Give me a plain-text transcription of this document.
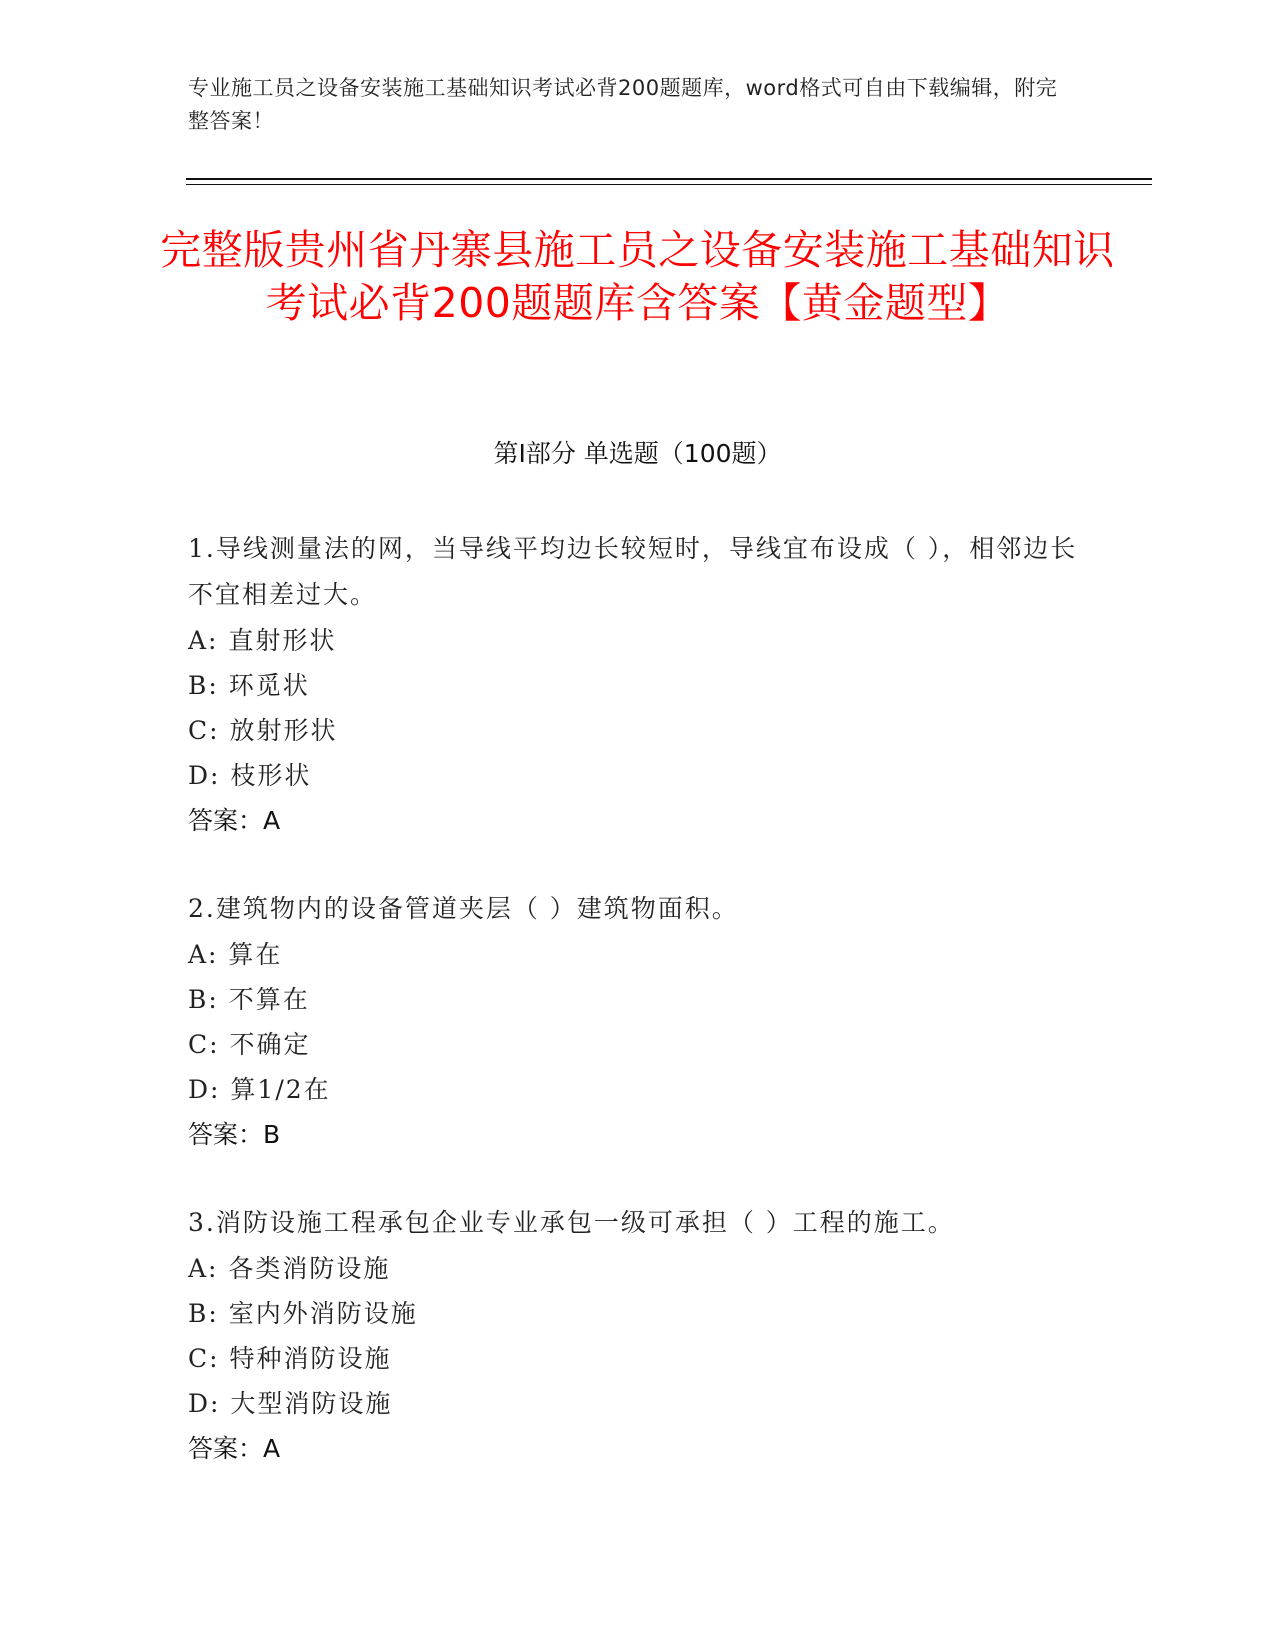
专业施工员之设备安装施工基础知识考试必背200题题库，word格式可自由下载编辑，附完整答案！
完整版贵州省丹寨县施工员之设备安装施工基础知识考试必背200题题库含答案【黄金题型】
第Ⅰ部分 单选题（100题）

1.导线测量法的网，当导线平均边长较短时，导线宜布设成（ ），相邻边长不宜相差过大。

A: 直射形状
B: 环觅状
C: 放射形状
D: 枝形状
答案：A

2.建筑物内的设备管道夹层（ ）建筑物面积。

A: 算在
B: 不算在
C: 不确定
D: 算1/2在
答案：B

3.消防设施工程承包企业专业承包一级可承担（ ）工程的施工。

A: 各类消防设施
B: 室内外消防设施
C: 特种消防设施
D: 大型消防设施
答案：A
